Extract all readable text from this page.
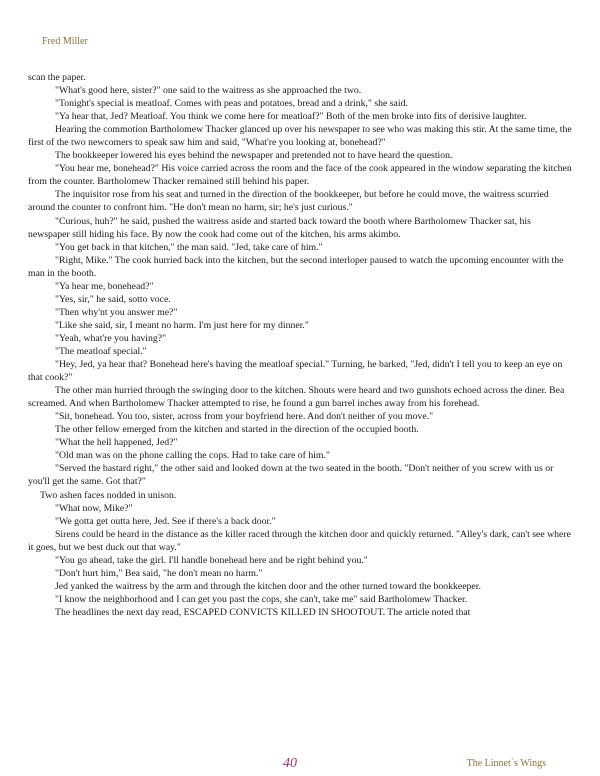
Fred Miller

scan the paper.

"What's good here, sister?" one said to the waitress as she approached the two.

"Tonight's special is meatloaf. Comes with peas and potatoes, bread and a drink," she said.

"Ya hear that, Jed? Meatloaf. You think we come here for meatloaf?" Both of the men broke into fits of derisive laughter.

Hearing the commotion Bartholomew Thacker glanced up over his newspaper to see who was making this stir. At the same time, the first of the two newcomers to speak saw him and said, "What're you looking at, bonehead?"

The bookkeeper lowered his eyes behind the newspaper and pretended not to have heard the question.

"You hear me, bonehead?" His voice carried across the room and the face of the cook appeared in the window separating the kitchen from the counter. Bartholomew Thacker remained still behind his paper.

The inquisitor rose from his seat and turned in the direction of the bookkeeper, but before he could move, the waitress scurried around the counter to confront him. "He don't mean no harm, sir; he's just curious."

"Curious, huh?" he said, pushed the waitress aside and started back toward the booth where Bartholomew Thacker sat, his newspaper still hiding his face. By now the cook had come out of the kitchen, his arms akimbo.

"You get back in that kitchen," the man said. "Jed, take care of him."

"Right, Mike." The cook hurried back into the kitchen, but the second interloper paused to watch the upcoming encounter with the man in the booth.

"Ya hear me, bonehead?"

"Yes, sir," he said, sotto voce.

"Then why'nt you answer me?"

"Like she said, sir, I meant no harm. I'm just here for my dinner."

"Yeah, what're you having?"

"The meatloaf special."

"Hey, Jed, ya hear that? Bonehead here's having the meatloaf special." Turning, he barked, "Jed, didn't I tell you to keep an eye on that cook?"

The other man hurried through the swinging door to the kitchen. Shouts were heard and two gunshots echoed across the diner. Bea screamed. And when Bartholomew Thacker attempted to rise, he found a gun barrel inches away from his forehead.

"Sit, bonehead. You too, sister, across from your boyfriend here. And don't neither of you move."

The other fellow emerged from the kitchen and started in the direction of the occupied booth.

"What the hell happened, Jed?"

"Old man was on the phone calling the cops. Had to take care of him."

"Served the bastard right," the other said and looked down at the two seated in the booth. "Don't neither of you screw with us or you'll get the same. Got that?"

Two ashen faces nodded in unison.

"What now, Mike?"

"We gotta get outta here, Jed. See if there's a back door."

Sirens could be heard in the distance as the killer raced through the kitchen door and quickly returned. "Alley's dark, can't see where it goes, but we best duck out that way."

"You go ahead, take the girl. I'll handle bonehead here and be right behind you."

"Don't hurt him," Bea said, "he don't mean no harm."

Jed yanked the waitress by the arm and through the kitchen door and the other turned toward the bookkeeper.

"I know the neighborhood and I can get you past the cops, she can't, take me" said Bartholomew Thacker.

The headlines the next day read, ESCAPED CONVICTS KILLED IN SHOOTOUT. The article noted that

40	The Linnet´s Wings
